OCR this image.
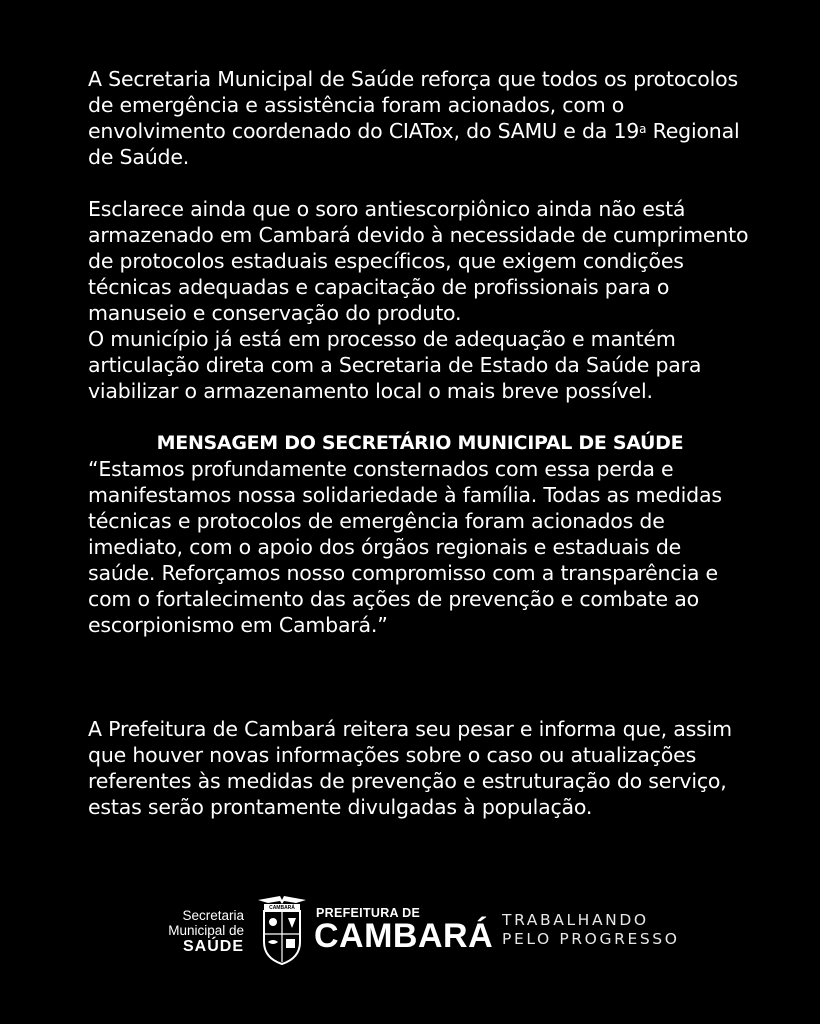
A Secretaria Municipal de Saúde reforça que todos os protocolos de emergência e assistência foram acionados, com o envolvimento coordenado do CIATox, do SAMU e da 19$^a$ Regional de Saúde.

Esclarece ainda que o soro antiescorpiônico ainda não está armazenado em Cambará devido à necessidade de cumprimento de protocolos estaduais específicos, que exigem condições técnicas adequadas e capacitação de profissionais para o manuseio e conservação do produto.

O município já está em processo de adequação e mantém articulação direta com a Secretaria de Estado da Saúde para viabilizar o armazenamento local o mais breve possível.

MENSAGEM DO SECRETÁRIO MUNICIPAL DE SAÚDE

“Estamos profundamente consternados com essa perda e manifestamos nossa solidariedade à família. Todas as medidas técnicas e protocolos de emergência foram acionados de imediato, com o apoio dos órgãos regionais e estaduais de saúde. Reforçamos nosso compromisso com a transparência e com o fortalecimento das ações de prevenção e combate ao escorpionismo em Cambará.”

A Prefeitura de Cambará reitera seu pesar e informa que, assim que houver novas informações sobre o caso ou atualizações referentes às medidas de prevenção e estruturação do serviço, estas serão prontamente divulgadas à população.

Secretaria
Municipal de
SAÚDE
CAMBARÁ PREFEITURA DE
CAMBARÁ TRABALHANDO
PELO PROGRESSO
